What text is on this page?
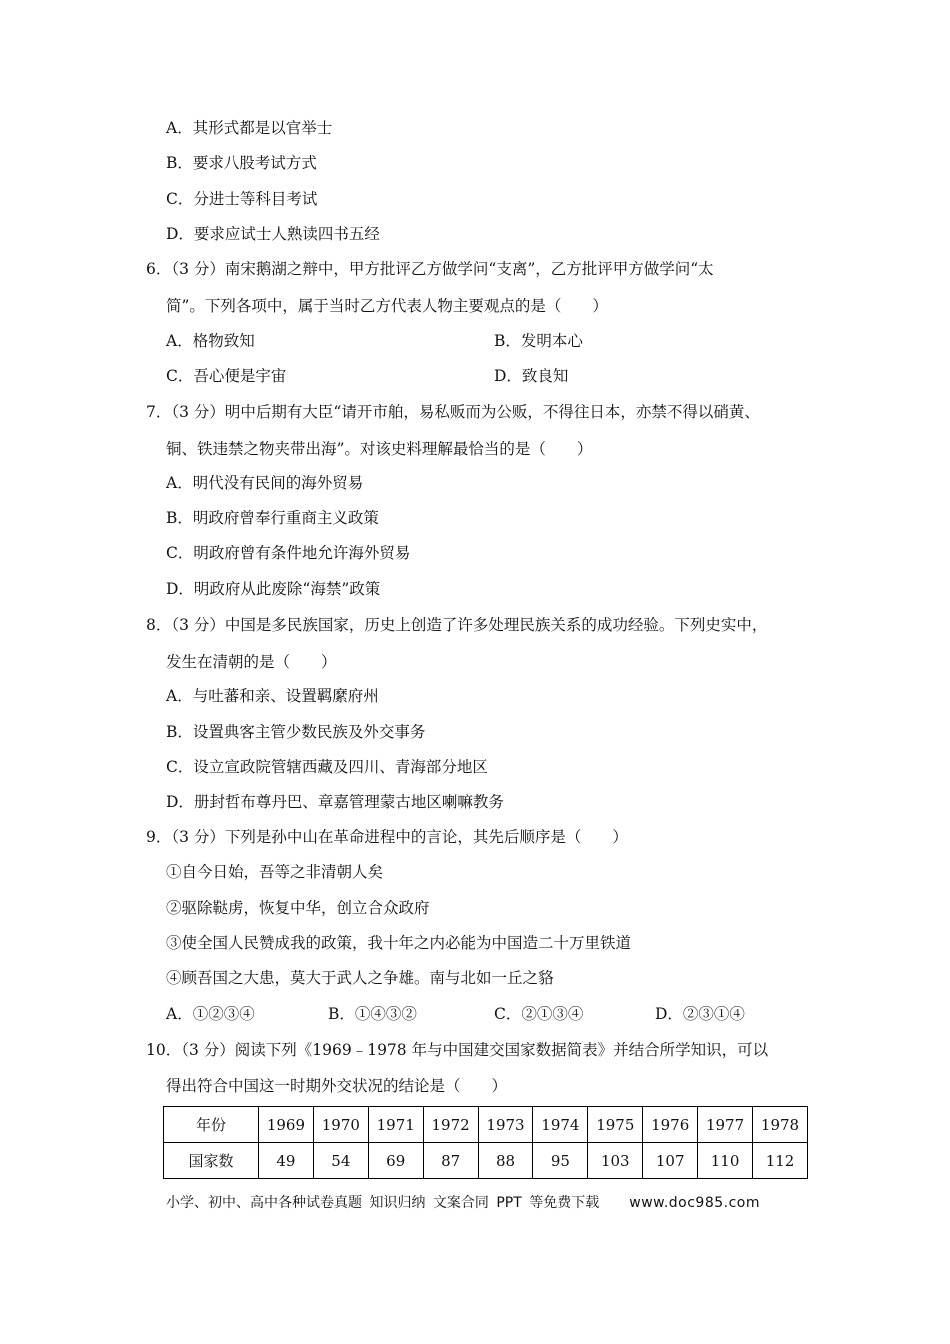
A．其形式都是以官举士
B．要求八股考试方式
C．分进士等科目考试
D．要求应试士人熟读四书五经
6．（3 分）南宋鹅湖之辩中，甲方批评乙方做学问“支离”，乙方批评甲方做学问“太
简”。下列各项中，属于当时乙方代表人物主要观点的是（　　）
A．格物致知	B．发明本心
C．吾心便是宇宙	D．致良知
7．（3 分）明中后期有大臣“请开市舶，易私贩而为公贩，不得往日本，亦禁不得以硝黄、
铜、铁违禁之物夹带出海”。对该史料理解最恰当的是（　　）
A．明代没有民间的海外贸易
B．明政府曾奉行重商主义政策
C．明政府曾有条件地允许海外贸易
D．明政府从此废除“海禁”政策
8．（3 分）中国是多民族国家，历史上创造了许多处理民族关系的成功经验。下列史实中，
发生在清朝的是（　　）
A．与吐蕃和亲、设置羁縻府州
B．设置典客主管少数民族及外交事务
C．设立宣政院管辖西藏及四川、青海部分地区
D．册封哲布尊丹巴、章嘉管理蒙古地区喇嘛教务
9．（3 分）下列是孙中山在革命进程中的言论，其先后顺序是（　　）
①自今日始，吾等之非清朝人矣
②驱除鞑虏，恢复中华，创立合众政府
③使全国人民赞成我的政策，我十年之内必能为中国造二十万里铁道
④顾吾国之大患，莫大于武人之争雄。南与北如一丘之貉
A．①②③④	B．①④③②	C．②①③④	D．②③①④
10．（3 分）阅读下列《1969﹣1978 年与中国建交国家数据简表》并结合所学知识，可以
得出符合中国这一时期外交状况的结论是（　　）
年份	1969	1970	1971	1972	1973	1974	1975	1976	1977	1978
国家数	49	54	69	87	88	95	103	107	110	112
小学、初中、高中各种试卷真题 知识归纳 文案合同 PPT 等免费下载 www.doc985.com
